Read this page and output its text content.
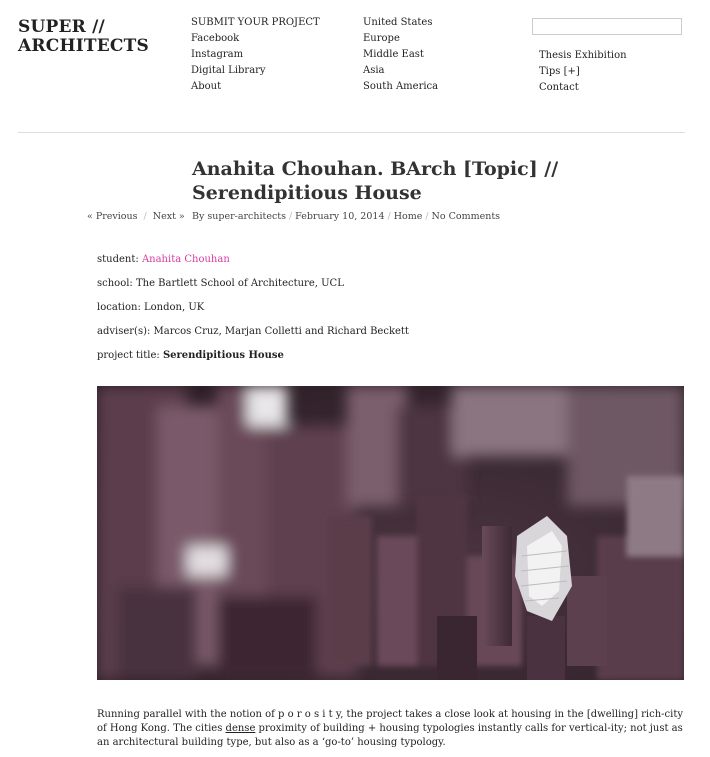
SUPER //
ARCHITECTS
SUBMIT YOUR PROJECT
Facebook
Instagram
Digital Library
About
United States
Europe
Middle East
Asia
South America
Thesis Exhibition
Tips [+]
Contact
Anahita Chouhan. BArch [Topic] // Serendipitious House
« Previous / Next » By super-architects / February 10, 2014 / Home / No Comments
student: Anahita Chouhan
school: The Bartlett School of Architecture, UCL
location: London, UK
adviser(s): Marcos Cruz, Marjan Colletti and Richard Beckett
project title: Serendipitious House
Running parallel with the notion of p o r o s i t y, the project takes a close look at housing in the [dwelling] rich-city of Hong Kong. The cities dense proximity of building + housing typologies instantly calls for vertical-ity; not just as an architectural building type, but also as a ‘go-to’ housing typology.
